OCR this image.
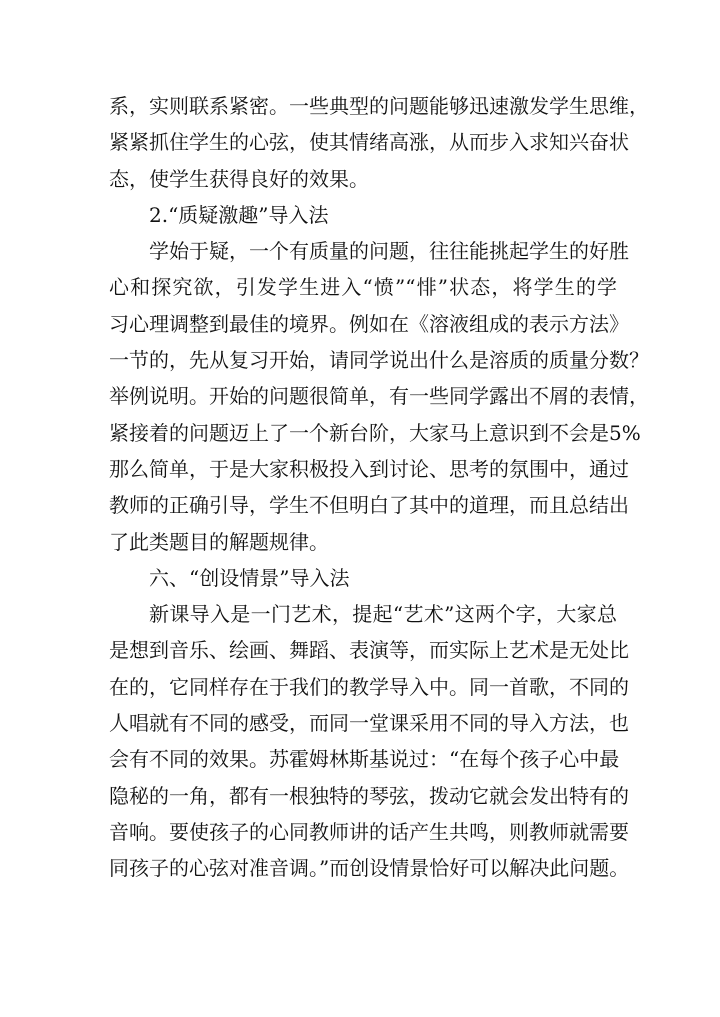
系，实则联系紧密。一些典型的问题能够迅速激发学生思维，
紧紧抓住学生的心弦，使其情绪高涨，从而步入求知兴奋状
态，使学生获得良好的效果。
2.“质疑激趣”导入法
学始于疑，一个有质量的问题，往往能挑起学生的好胜
心和探究欲，引发学生进入“愤”“悱”状态，将学生的学
习心理调整到最佳的境界。例如在《溶液组成的表示方法》
一节的，先从复习开始，请同学说出什么是溶质的质量分数？
举例说明。开始的问题很简单，有一些同学露出不屑的表情，
紧接着的问题迈上了一个新台阶，大家马上意识到不会是5%
那么简单，于是大家积极投入到讨论、思考的氛围中，通过
教师的正确引导，学生不但明白了其中的道理，而且总结出
了此类题目的解题规律。
六、“创设情景”导入法
新课导入是一门艺术，提起“艺术”这两个字，大家总
是想到音乐、绘画、舞蹈、表演等，而实际上艺术是无处比
在的，它同样存在于我们的教学导入中。同一首歌，不同的
人唱就有不同的感受，而同一堂课采用不同的导入方法，也
会有不同的效果。苏霍姆林斯基说过：“在每个孩子心中最
隐秘的一角，都有一根独特的琴弦，拨动它就会发出特有的
音响。要使孩子的心同教师讲的话产生共鸣，则教师就需要
同孩子的心弦对准音调。”而创设情景恰好可以解决此问题。
